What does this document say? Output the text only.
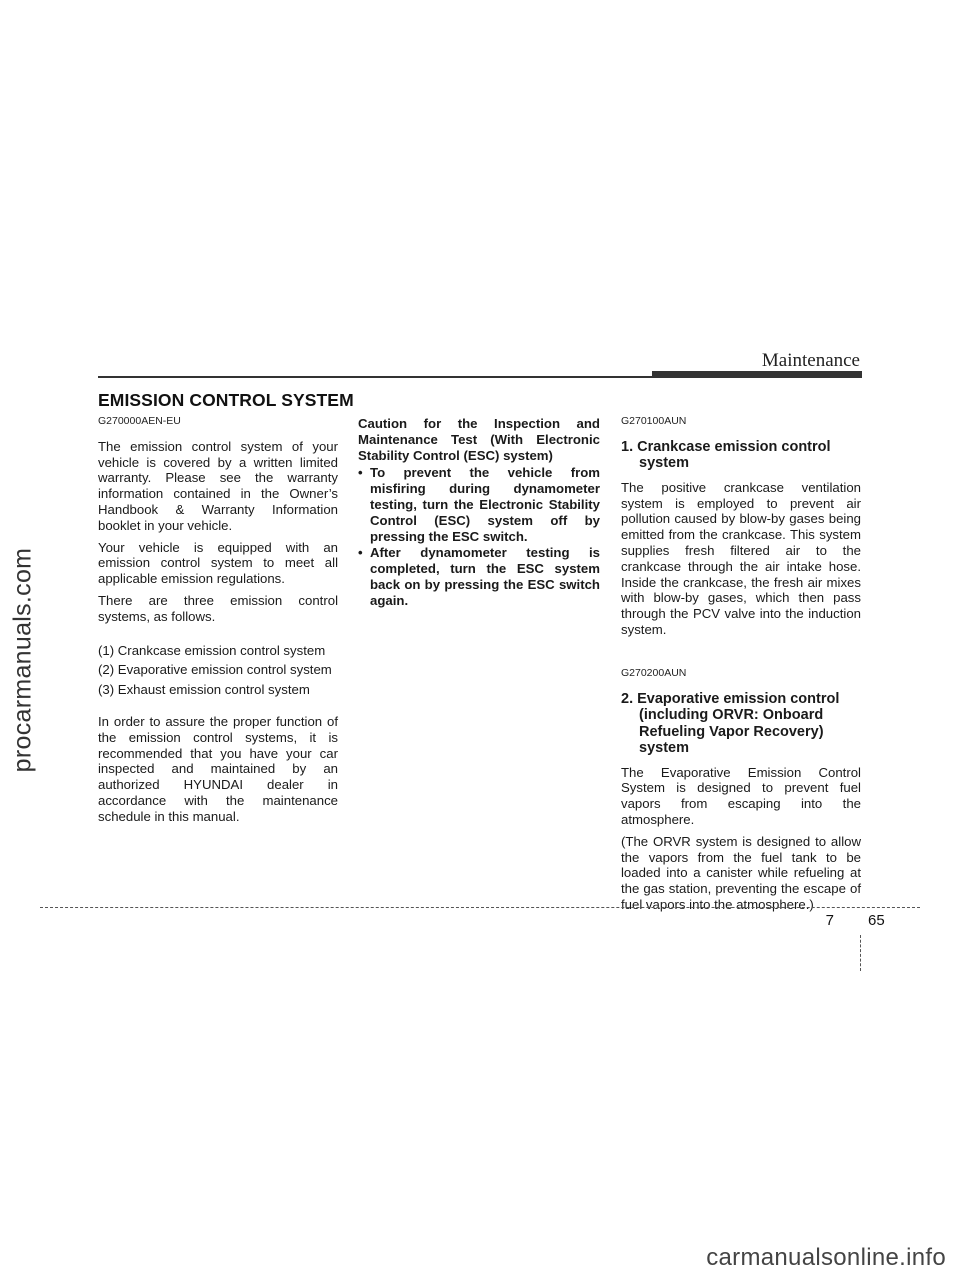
procarmanuals.com
Maintenance
EMISSION CONTROL SYSTEM
G270000AEN-EU

The emission control system of your vehicle is covered by a written limited warranty. Please see the warranty information contained in the Owner’s Handbook & Warranty Information booklet in your vehicle.

Your vehicle is equipped with an emission control system to meet all applicable emission regulations.

There are three emission control systems, as follows.

(1) Crankcase emission control system
(2) Evaporative emission control system
(3) Exhaust emission control system

In order to assure the proper function of the emission control systems, it is recommended that you have your car inspected and maintained by an authorized HYUNDAI dealer in accordance with the maintenance schedule in this manual.

Caution for the Inspection and Maintenance Test (With Electronic Stability Control (ESC) system)
• To prevent the vehicle from misfiring during dynamometer testing, turn the Electronic Stability Control (ESC) system off by pressing the ESC switch.
• After dynamometer testing is completed, turn the ESC system back on by pressing the ESC switch again.
G270100AUN
1. Crankcase emission control system

The positive crankcase ventilation system is employed to prevent air pollution caused by blow-by gases being emitted from the crankcase. This system supplies fresh filtered air to the crankcase through the air intake hose. Inside the crankcase, the fresh air mixes with blow-by gases, which then pass through the PCV valve into the induction system.

G270200AUN
2. Evaporative emission control (including ORVR: Onboard Refueling Vapor Recovery) system

The Evaporative Emission Control System is designed to prevent fuel vapors from escaping into the atmosphere.

(The ORVR system is designed to allow the vapors from the fuel tank to be loaded into a canister while refueling at the gas station, preventing the escape of fuel vapors into the atmosphere.)

7 65
carmanualsonline.info
